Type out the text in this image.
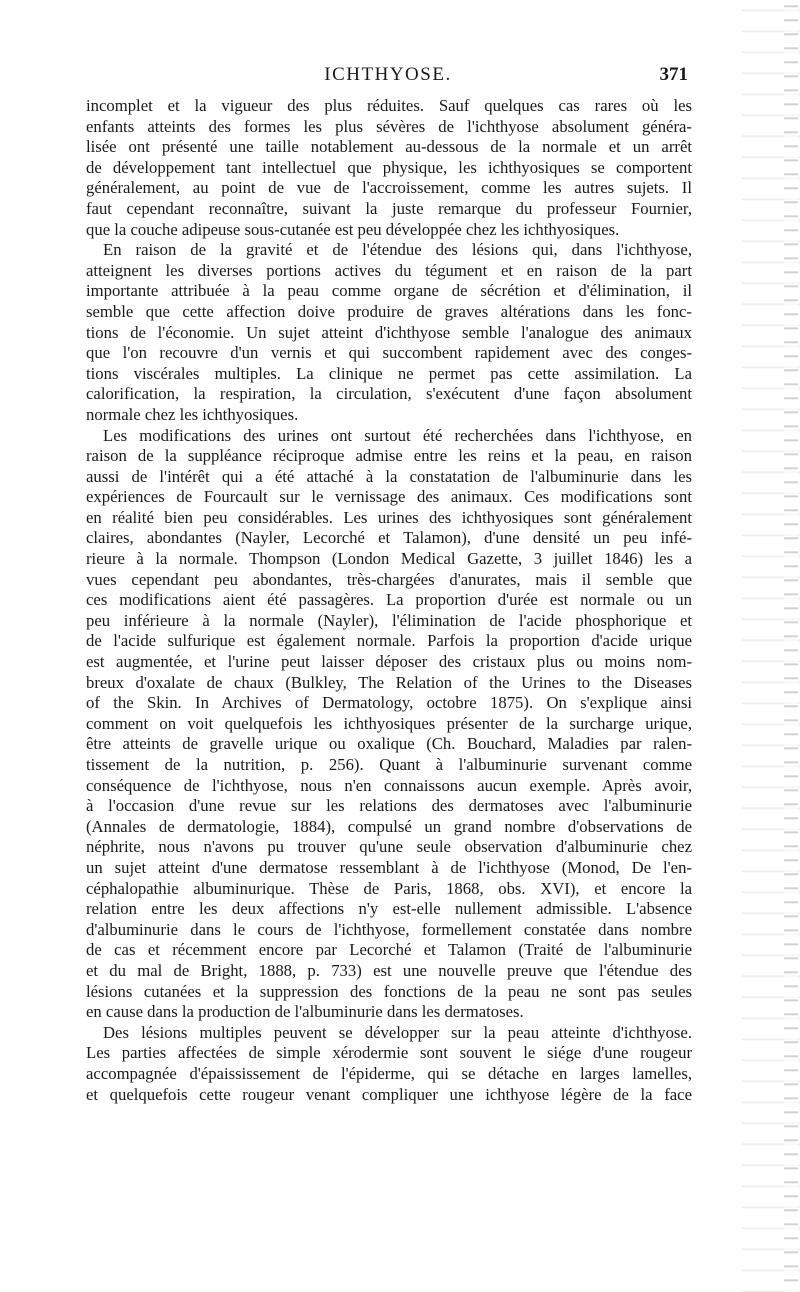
ICHTHYOSE.	371
incomplet et la vigueur des plus réduites. Sauf quelques cas rares où les
enfants atteints des formes les plus sévères de l'ichthyose absolument généra-
lisée ont présenté une taille notablement au-dessous de la normale et un arrêt
de développement tant intellectuel que physique, les ichthyosiques se comportent
généralement, au point de vue de l'accroissement, comme les autres sujets. Il
faut cependant reconnaître, suivant la juste remarque du professeur Fournier,
que la couche adipeuse sous-cutanée est peu développée chez les ichthyosiques.
En raison de la gravité et de l'étendue des lésions qui, dans l'ichthyose,
atteignent les diverses portions actives du tégument et en raison de la part
importante attribuée à la peau comme organe de sécrétion et d'élimination, il
semble que cette affection doive produire de graves altérations dans les fonc-
tions de l'économie. Un sujet atteint d'ichthyose semble l'analogue des animaux
que l'on recouvre d'un vernis et qui succombent rapidement avec des conges-
tions viscérales multiples. La clinique ne permet pas cette assimilation. La
calorification, la respiration, la circulation, s'exécutent d'une façon absolument
normale chez les ichthyosiques.
Les modifications des urines ont surtout été recherchées dans l'ichthyose, en
raison de la suppléance réciproque admise entre les reins et la peau, en raison
aussi de l'intérêt qui a été attaché à la constatation de l'albuminurie dans les
expériences de Fourcault sur le vernissage des animaux. Ces modifications sont
en réalité bien peu considérables. Les urines des ichthyosiques sont généralement
claires, abondantes (Nayler, Lecorché et Talamon), d'une densité un peu infé-
rieure à la normale. Thompson (London Medical Gazette, 3 juillet 1846) les a
vues cependant peu abondantes, très-chargées d'anurates, mais il semble que
ces modifications aient été passagères. La proportion d'urée est normale ou un
peu inférieure à la normale (Nayler), l'élimination de l'acide phosphorique et
de l'acide sulfurique est également normale. Parfois la proportion d'acide urique
est augmentée, et l'urine peut laisser déposer des cristaux plus ou moins nom-
breux d'oxalate de chaux (Bulkley, The Relation of the Urines to the Diseases
of the Skin. In Archives of Dermatology, octobre 1875). On s'explique ainsi
comment on voit quelquefois les ichthyosiques présenter de la surcharge urique,
être atteints de gravelle urique ou oxalique (Ch. Bouchard, Maladies par ralen-
tissement de la nutrition, p. 256). Quant à l'albuminurie survenant comme
conséquence de l'ichthyose, nous n'en connaissons aucun exemple. Après avoir,
à l'occasion d'une revue sur les relations des dermatoses avec l'albuminurie
(Annales de dermatologie, 1884), compulsé un grand nombre d'observations de
néphrite, nous n'avons pu trouver qu'une seule observation d'albuminurie chez
un sujet atteint d'une dermatose ressemblant à de l'ichthyose (Monod, De l'en-
céphalopathie albuminurique. Thèse de Paris, 1868, obs. XVI), et encore la
relation entre les deux affections n'y est-elle nullement admissible. L'absence
d'albuminurie dans le cours de l'ichthyose, formellement constatée dans nombre
de cas et récemment encore par Lecorché et Talamon (Traité de l'albuminurie
et du mal de Bright, 1888, p. 733) est une nouvelle preuve que l'étendue des
lésions cutanées et la suppression des fonctions de la peau ne sont pas seules
en cause dans la production de l'albuminurie dans les dermatoses.
Des lésions multiples peuvent se développer sur la peau atteinte d'ichthyose.
Les parties affectées de simple xérodermie sont souvent le siége d'une rougeur
accompagnée d'épaississement de l'épiderme, qui se détache en larges lamelles,
et quelquefois cette rougeur venant compliquer une ichthyose légère de la face
